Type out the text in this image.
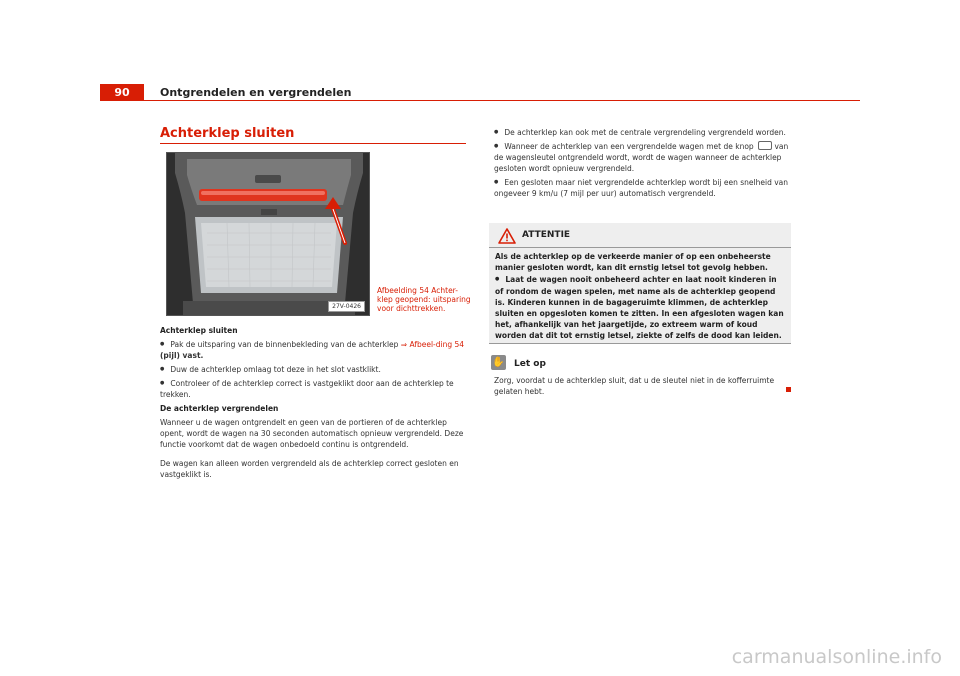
90	Ontgrendelen en vergrendelen
Achterklep sluiten
27V-0426
Afbeelding 54 Achter-klep geopend: uitsparing voor dichttrekken.

Achterklep sluiten

● Pak de uitsparing van de binnenbekleding van de achterklep ⇒ Afbeel-ding 54 (pijl) vast.

● Duw de achterklep omlaag tot deze in het slot vastklikt.

● Controleer of de achterklep correct is vastgeklikt door aan de achterklep te trekken.

De achterklep vergrendelen

Wanneer u de wagen ontgrendelt en geen van de portieren of de achterklep opent, wordt de wagen na 30 seconden automatisch opnieuw vergrendeld. Deze functie voorkomt dat de wagen onbedoeld continu is ontgrendeld.

De wagen kan alleen worden vergrendeld als de achterklep correct gesloten en vastgeklikt is.

● De achterklep kan ook met de centrale vergrendeling vergrendeld worden.

● Wanneer de achterklep van een vergrendelde wagen met de knop  van de wagensleutel ontgrendeld wordt, wordt de wagen wanneer de achterklep gesloten wordt opnieuw vergrendeld.

● Een gesloten maar niet vergrendelde achterklep wordt bij een snelheid van ongeveer 9 km/u (7 mijl per uur) automatisch vergrendeld.

ATTENTIE

Als de achterklep op de verkeerde manier of op een onbeheerste manier gesloten wordt, kan dit ernstig letsel tot gevolg hebben.

● Laat de wagen nooit onbeheerd achter en laat nooit kinderen in of rondom de wagen spelen, met name als de achterklep geopend is. Kinderen kunnen in de bagageruimte klimmen, de achterklep sluiten en opgesloten komen te zitten. In een afgesloten wagen kan het, afhankelijk van het jaargetijde, zo extreem warm of koud worden dat dit tot ernstig letsel, ziekte of zelfs de dood kan leiden.

✋ Let op
Zorg, voordat u de achterklep sluit, dat u de sleutel niet in de kofferruimte gelaten hebt.
carmanualsonline.info
